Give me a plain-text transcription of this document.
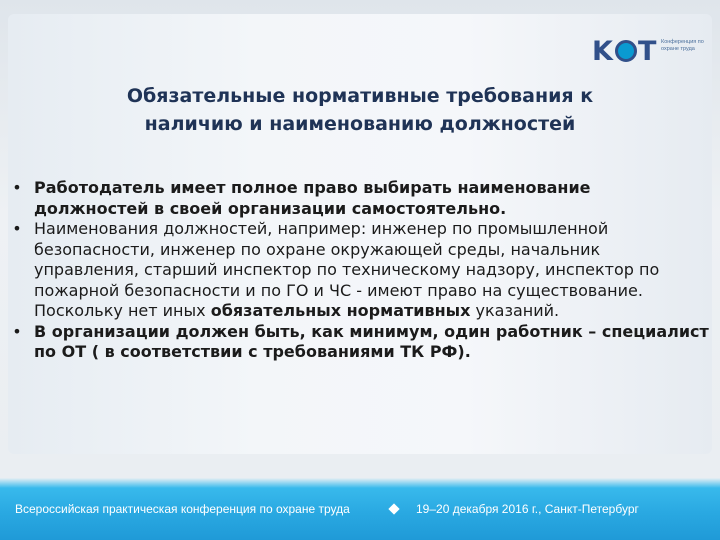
K T Конференция по охране труда
Обязательные нормативные требования к
наличию и наименованию должностей
• Работодатель имеет полное право выбирать наименование должностей в своей организации самостоятельно.
• Наименования должностей, например: инженер по промышленной безопасности, инженер по охране окружающей среды, начальник управления, старший инспектор по техническому надзору, инспектор по пожарной безопасности и по ГО и ЧС - имеют право на существование. Поскольку нет иных обязательных нормативных указаний.
• В организации должен быть, как минимум, один работник – специалист по ОТ ( в соответствии с требованиями ТК РФ).
Всероссийская практическая конференция по охране труда	19–20 декабря 2016 г., Санкт-Петербург
